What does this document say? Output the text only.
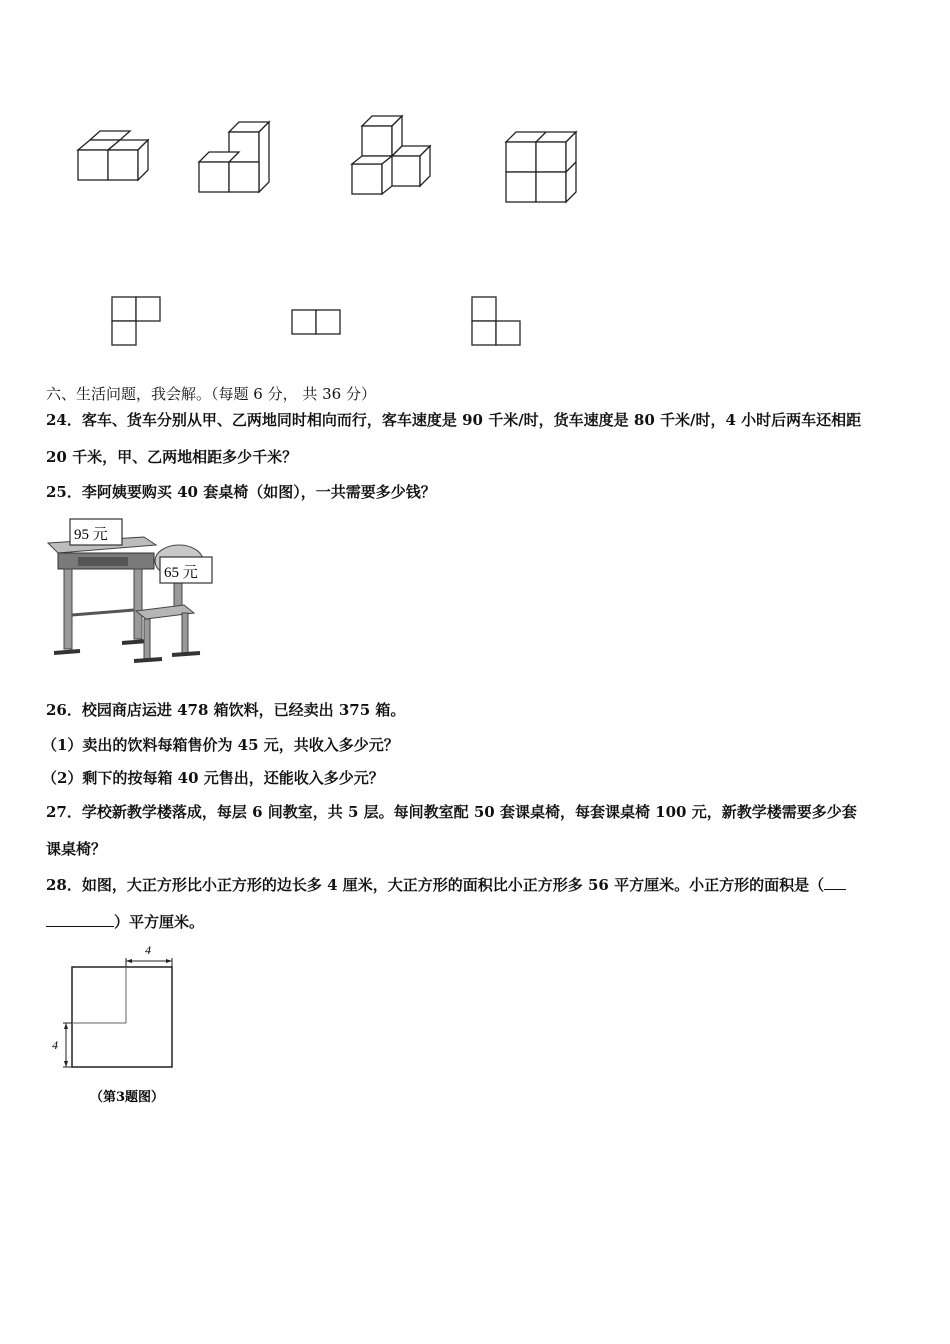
六、生活问题，我会解。（每题 6 分， 共 36 分）
24．客车、货车分别从甲、乙两地同时相向而行，客车速度是 90 千米/时，货车速度是 80 千米/时，4 小时后两车还相距
20 千米，甲、乙两地相距多少千米？
25．李阿姨要购买 40 套桌椅（如图），一共需要多少钱？
95 元
65 元
26．校园商店运进 478 箱饮料，已经卖出 375 箱。
（1）卖出的饮料每箱售价为 45 元，共收入多少元？
（2）剩下的按每箱 40 元售出，还能收入多少元？
27．学校新教学楼落成，每层 6 间教室，共 5 层。每间教室配 50 套课桌椅，每套课桌椅 100 元，新教学楼需要多少套
课桌椅？
28．如图，大正方形比小正方形的边长多 4 厘米，大正方形的面积比小正方形多 56 平方厘米。小正方形的面积是（
）平方厘米。
4
4
（第3题图）
